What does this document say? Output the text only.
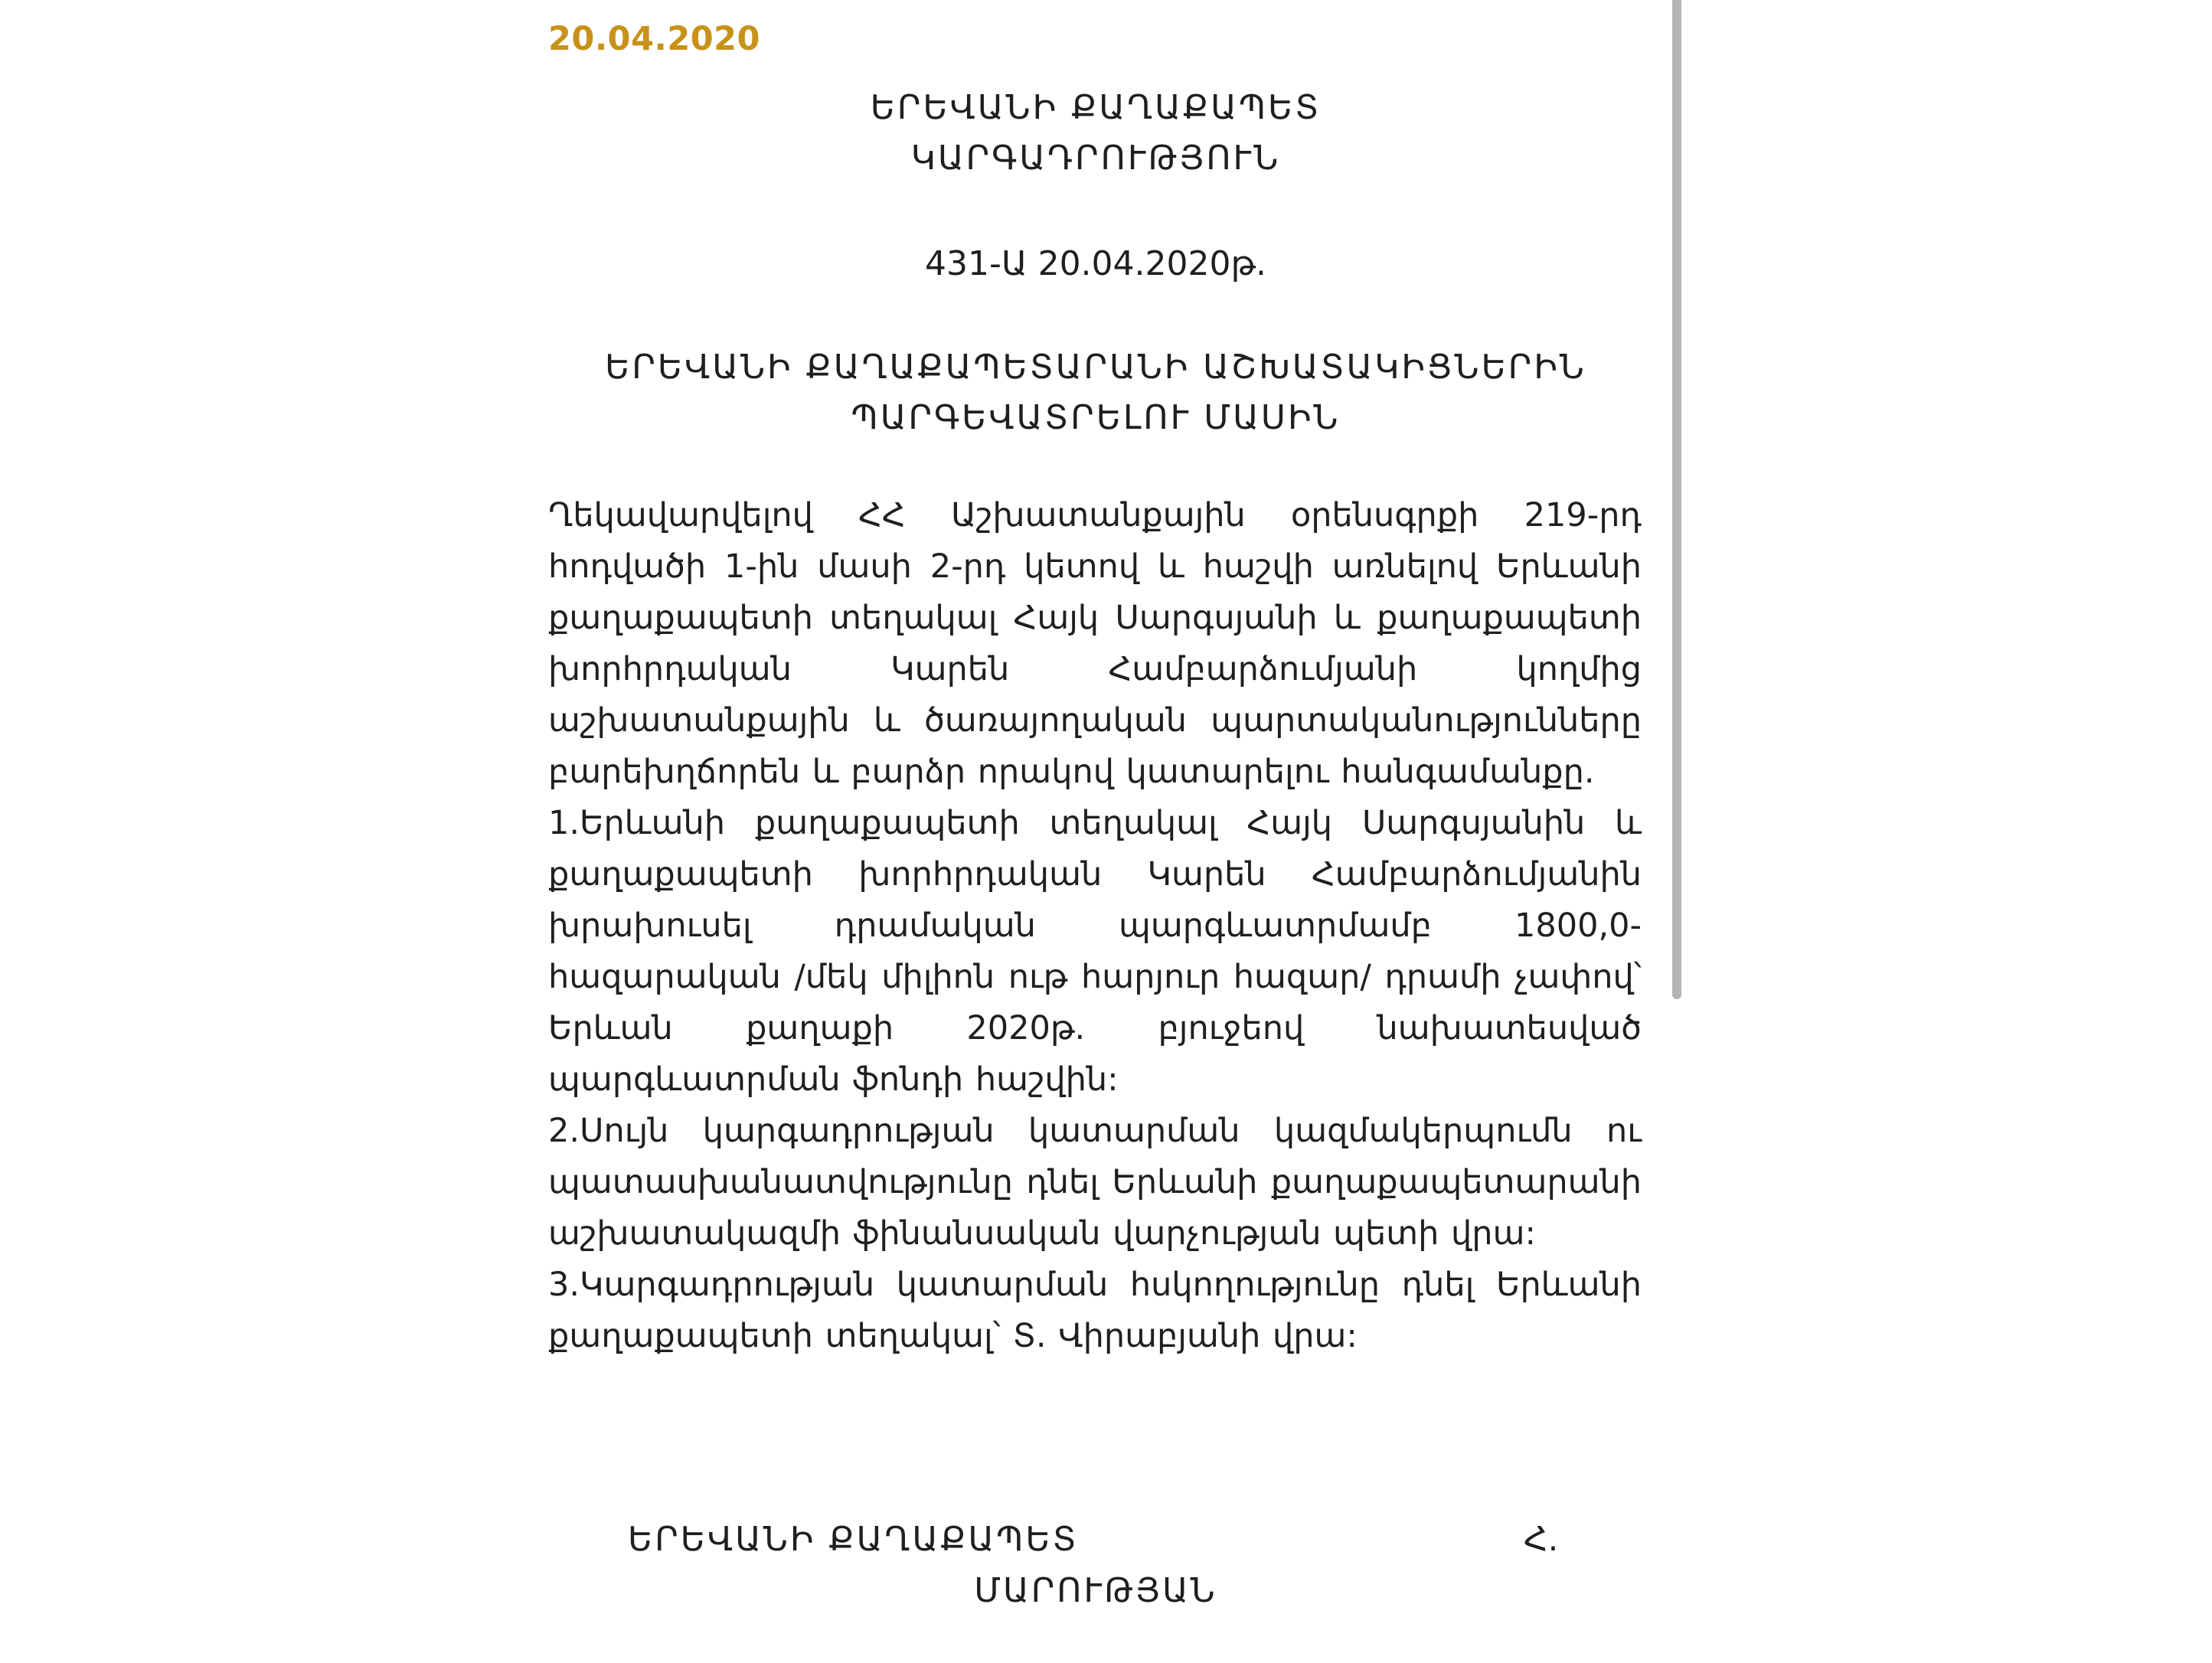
20.04.2020
ԵՐԵՎԱՆԻ ՔԱՂԱՔԱՊԵՏ
ԿԱՐԳԱԴՐՈՒԹՅՈՒՆ
431-Ա 20.04.2020թ.
ԵՐԵՎԱՆԻ ՔԱՂԱՔԱՊԵՏԱՐԱՆԻ ԱՇԽԱՏԱԿԻՑՆԵՐԻՆ
ՊԱՐԳԵՎԱՏՐԵԼՈՒ ՄԱՍԻՆ

Ղեկավարվելով ՀՀ Աշխատանքային օրենսգրքի 219-րդ հոդվածի 1-ին մասի 2-րդ կետով և հաշվի առնելով Երևանի քաղաքապետի տեղակալ Հայկ Սարգսյանի և քաղաքապետի խորհրդական Կարեն Համբարձումյանի կողմից աշխատանքային և ծառայողական պարտականությունները բարեխղճորեն և բարձր որակով կատարելու հանգամանքը.

1.Երևանի քաղաքապետի տեղակալ Հայկ Սարգսյանին և քաղաքապետի խորհրդական Կարեն Համբարձումյանին խրախուսել դրամական պարգևատրմամբ 1800,0-հազարական /մեկ միլիոն ութ հարյուր հազար/ դրամի չափով՝ Երևան քաղաքի 2020թ. բյուջեով նախատեսված պարգևատրման ֆոնդի հաշվին:

2.Սույն կարգադրության կատարման կազմակերպումն ու պատասխանատվությունը դնել Երևանի քաղաքապետարանի աշխատակազմի ֆինանսական վարչության պետի վրա:

3.Կարգադրության կատարման հսկողությունը դնել Երևանի քաղաքապետի տեղակալ՝ Տ. Վիրաբյանի վրա:

ԵՐԵՎԱՆԻ ՔԱՂԱՔԱՊԵՏ	Հ.
ՄԱՐՈՒԹՅԱՆ
